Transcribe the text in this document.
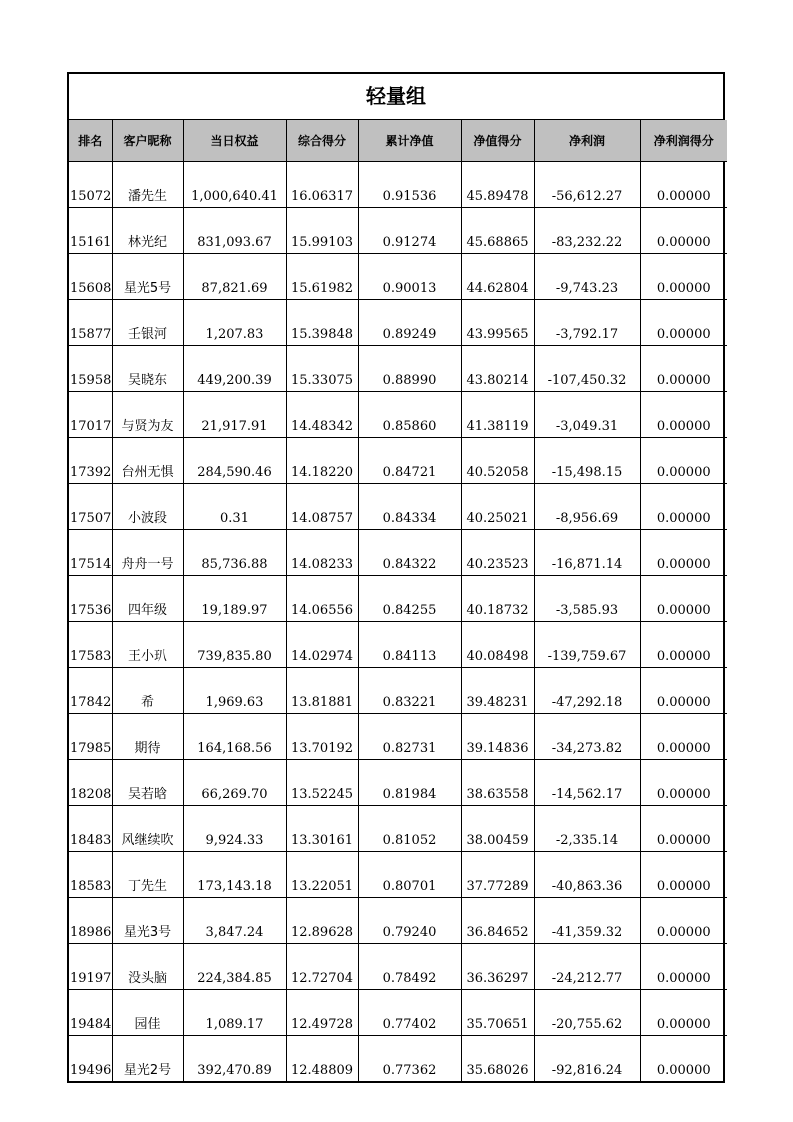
轻量组
排名	客户昵称	当日权益	综合得分	累计净值	净值得分	净利润	净利润得分
15072	潘先生	1,000,640.41	16.06317	0.91536	45.89478	-56,612.27	0.00000
15161	林光纪	831,093.67	15.99103	0.91274	45.68865	-83,232.22	0.00000
15608	星光5号	87,821.69	15.61982	0.90013	44.62804	-9,743.23	0.00000
15877	壬银河	1,207.83	15.39848	0.89249	43.99565	-3,792.17	0.00000
15958	吴晓东	449,200.39	15.33075	0.88990	43.80214	-107,450.32	0.00000
17017	与贤为友	21,917.91	14.48342	0.85860	41.38119	-3,049.31	0.00000
17392	台州无惧	284,590.46	14.18220	0.84721	40.52058	-15,498.15	0.00000
17507	小波段	0.31	14.08757	0.84334	40.25021	-8,956.69	0.00000
17514	舟舟一号	85,736.88	14.08233	0.84322	40.23523	-16,871.14	0.00000
17536	四年级	19,189.97	14.06556	0.84255	40.18732	-3,585.93	0.00000
17583	王小玐	739,835.80	14.02974	0.84113	40.08498	-139,759.67	0.00000
17842	希	1,969.63	13.81881	0.83221	39.48231	-47,292.18	0.00000
17985	期待	164,168.56	13.70192	0.82731	39.14836	-34,273.82	0.00000
18208	吴若晗	66,269.70	13.52245	0.81984	38.63558	-14,562.17	0.00000
18483	风继续吹	9,924.33	13.30161	0.81052	38.00459	-2,335.14	0.00000
18583	丁先生	173,143.18	13.22051	0.80701	37.77289	-40,863.36	0.00000
18986	星光3号	3,847.24	12.89628	0.79240	36.84652	-41,359.32	0.00000
19197	没头脑	224,384.85	12.72704	0.78492	36.36297	-24,212.77	0.00000
19484	园佳	1,089.17	12.49728	0.77402	35.70651	-20,755.62	0.00000
19496	星光2号	392,470.89	12.48809	0.77362	35.68026	-92,816.24	0.00000
